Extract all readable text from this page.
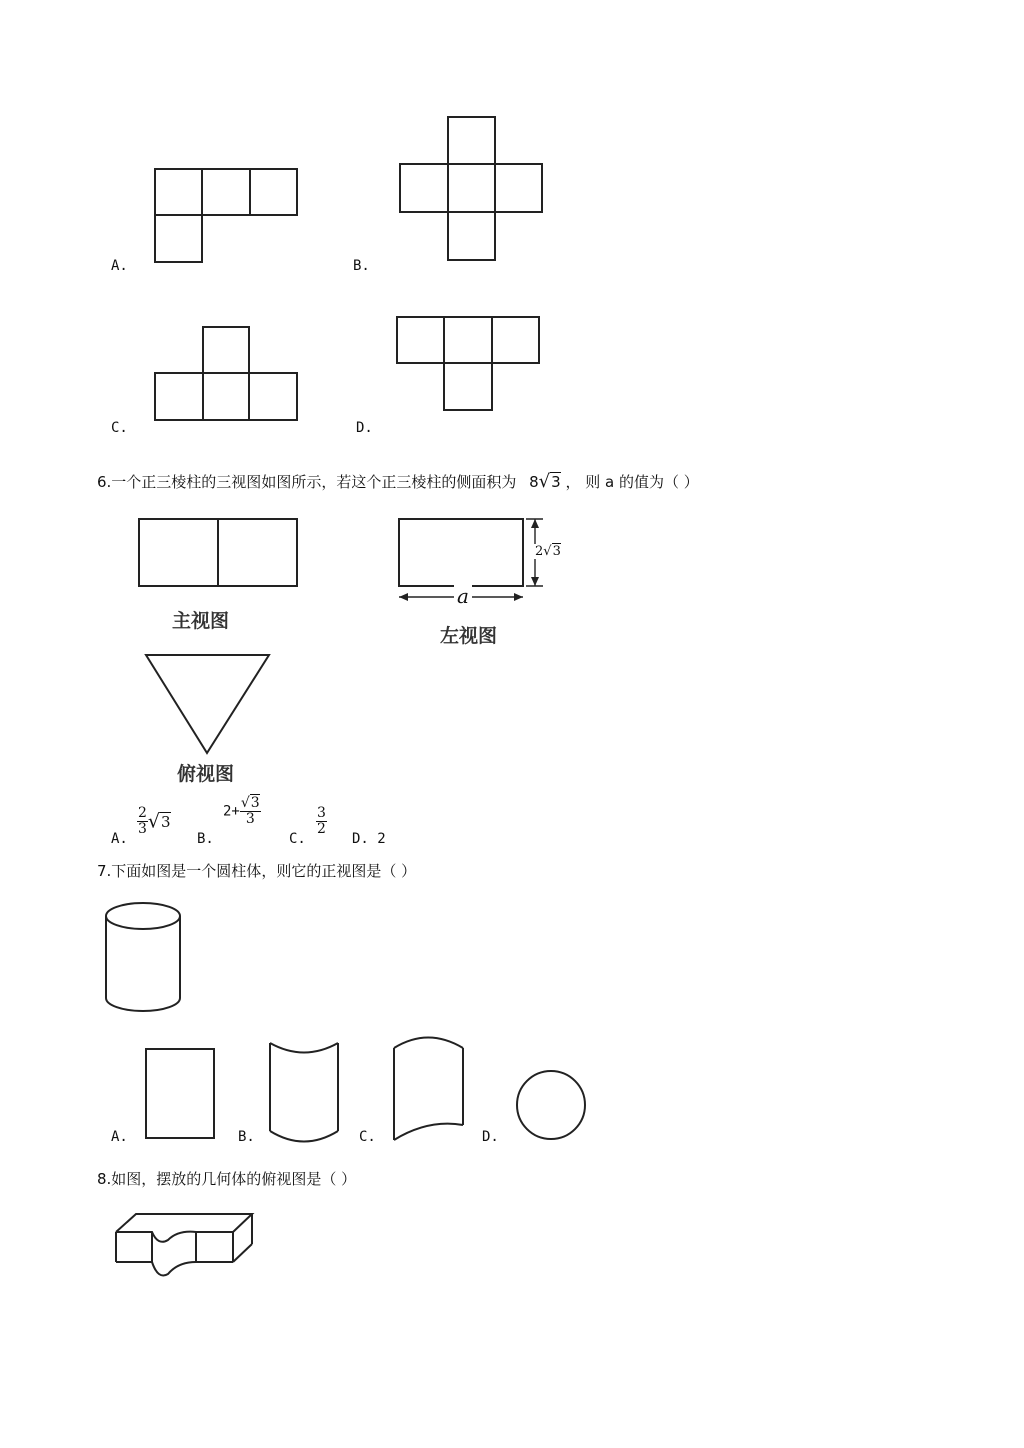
A.	B.
C.	D.
6.一个正三棱柱的三视图如图所示，若这个正三棱柱的侧面积为 8√3 ， 则 a 的值为（ ）
主视图
左视图
俯视图
2√3
a
A.
$\frac{2}{3} √3$
B.
$2+ \frac{√3}{3}$
C.
$\frac{3}{2}$
D. 2
7.下面如图是一个圆柱体，则它的正视图是（ ）
A.	B.	C.	D.
8.如图，摆放的几何体的俯视图是（ ）
